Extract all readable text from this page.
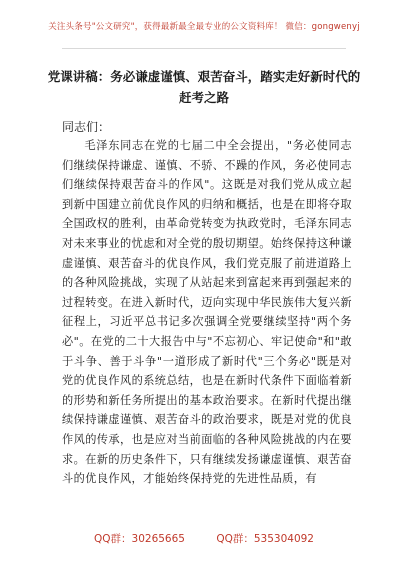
关注头条号"公文研究"，获得最新最全最专业的公文资料库！ 微信：gongwenyj
党课讲稿：务必谦虚谨慎、艰苦奋斗，踏实走好新时代的
赶考之路
同志们：

毛泽东同志在党的七届二中全会提出，"务必使同志们继续保持谦虚、谨慎、不骄、不躁的作风，务必使同志们继续保持艰苦奋斗的作风"。这既是对我们党从成立起到新中国建立前优良作风的归纳和概括，也是在即将夺取全国政权的胜利，由革命党转变为执政党时，毛泽东同志对未来事业的忧虑和对全党的殷切期望。始终保持这种谦虚谨慎、艰苦奋斗的优良作风，我们党克服了前进道路上的各种风险挑战，实现了从站起来到富起来再到强起来的过程转变。在进入新时代，迈向实现中华民族伟大复兴新征程上，习近平总书记多次强调全党要继续坚持"两个务必"。在党的二十大报告中与"不忘初心、牢记使命"和"敢于斗争、善于斗争"一道形成了新时代"三个务必"既是对党的优良作风的系统总结，也是在新时代条件下面临着新的形势和新任务所提出的基本政治要求。在新时代提出继续保持谦虚谨慎、艰苦奋斗的政治要求，既是对党的优良作风的传承，也是应对当前面临的各种风险挑战的内在要求。在新的历史条件下，只有继续发扬谦虚谨慎、艰苦奋斗的优良作风，才能始终保持党的先进性品质，有

QQ群：30265665	QQ群：535304092
